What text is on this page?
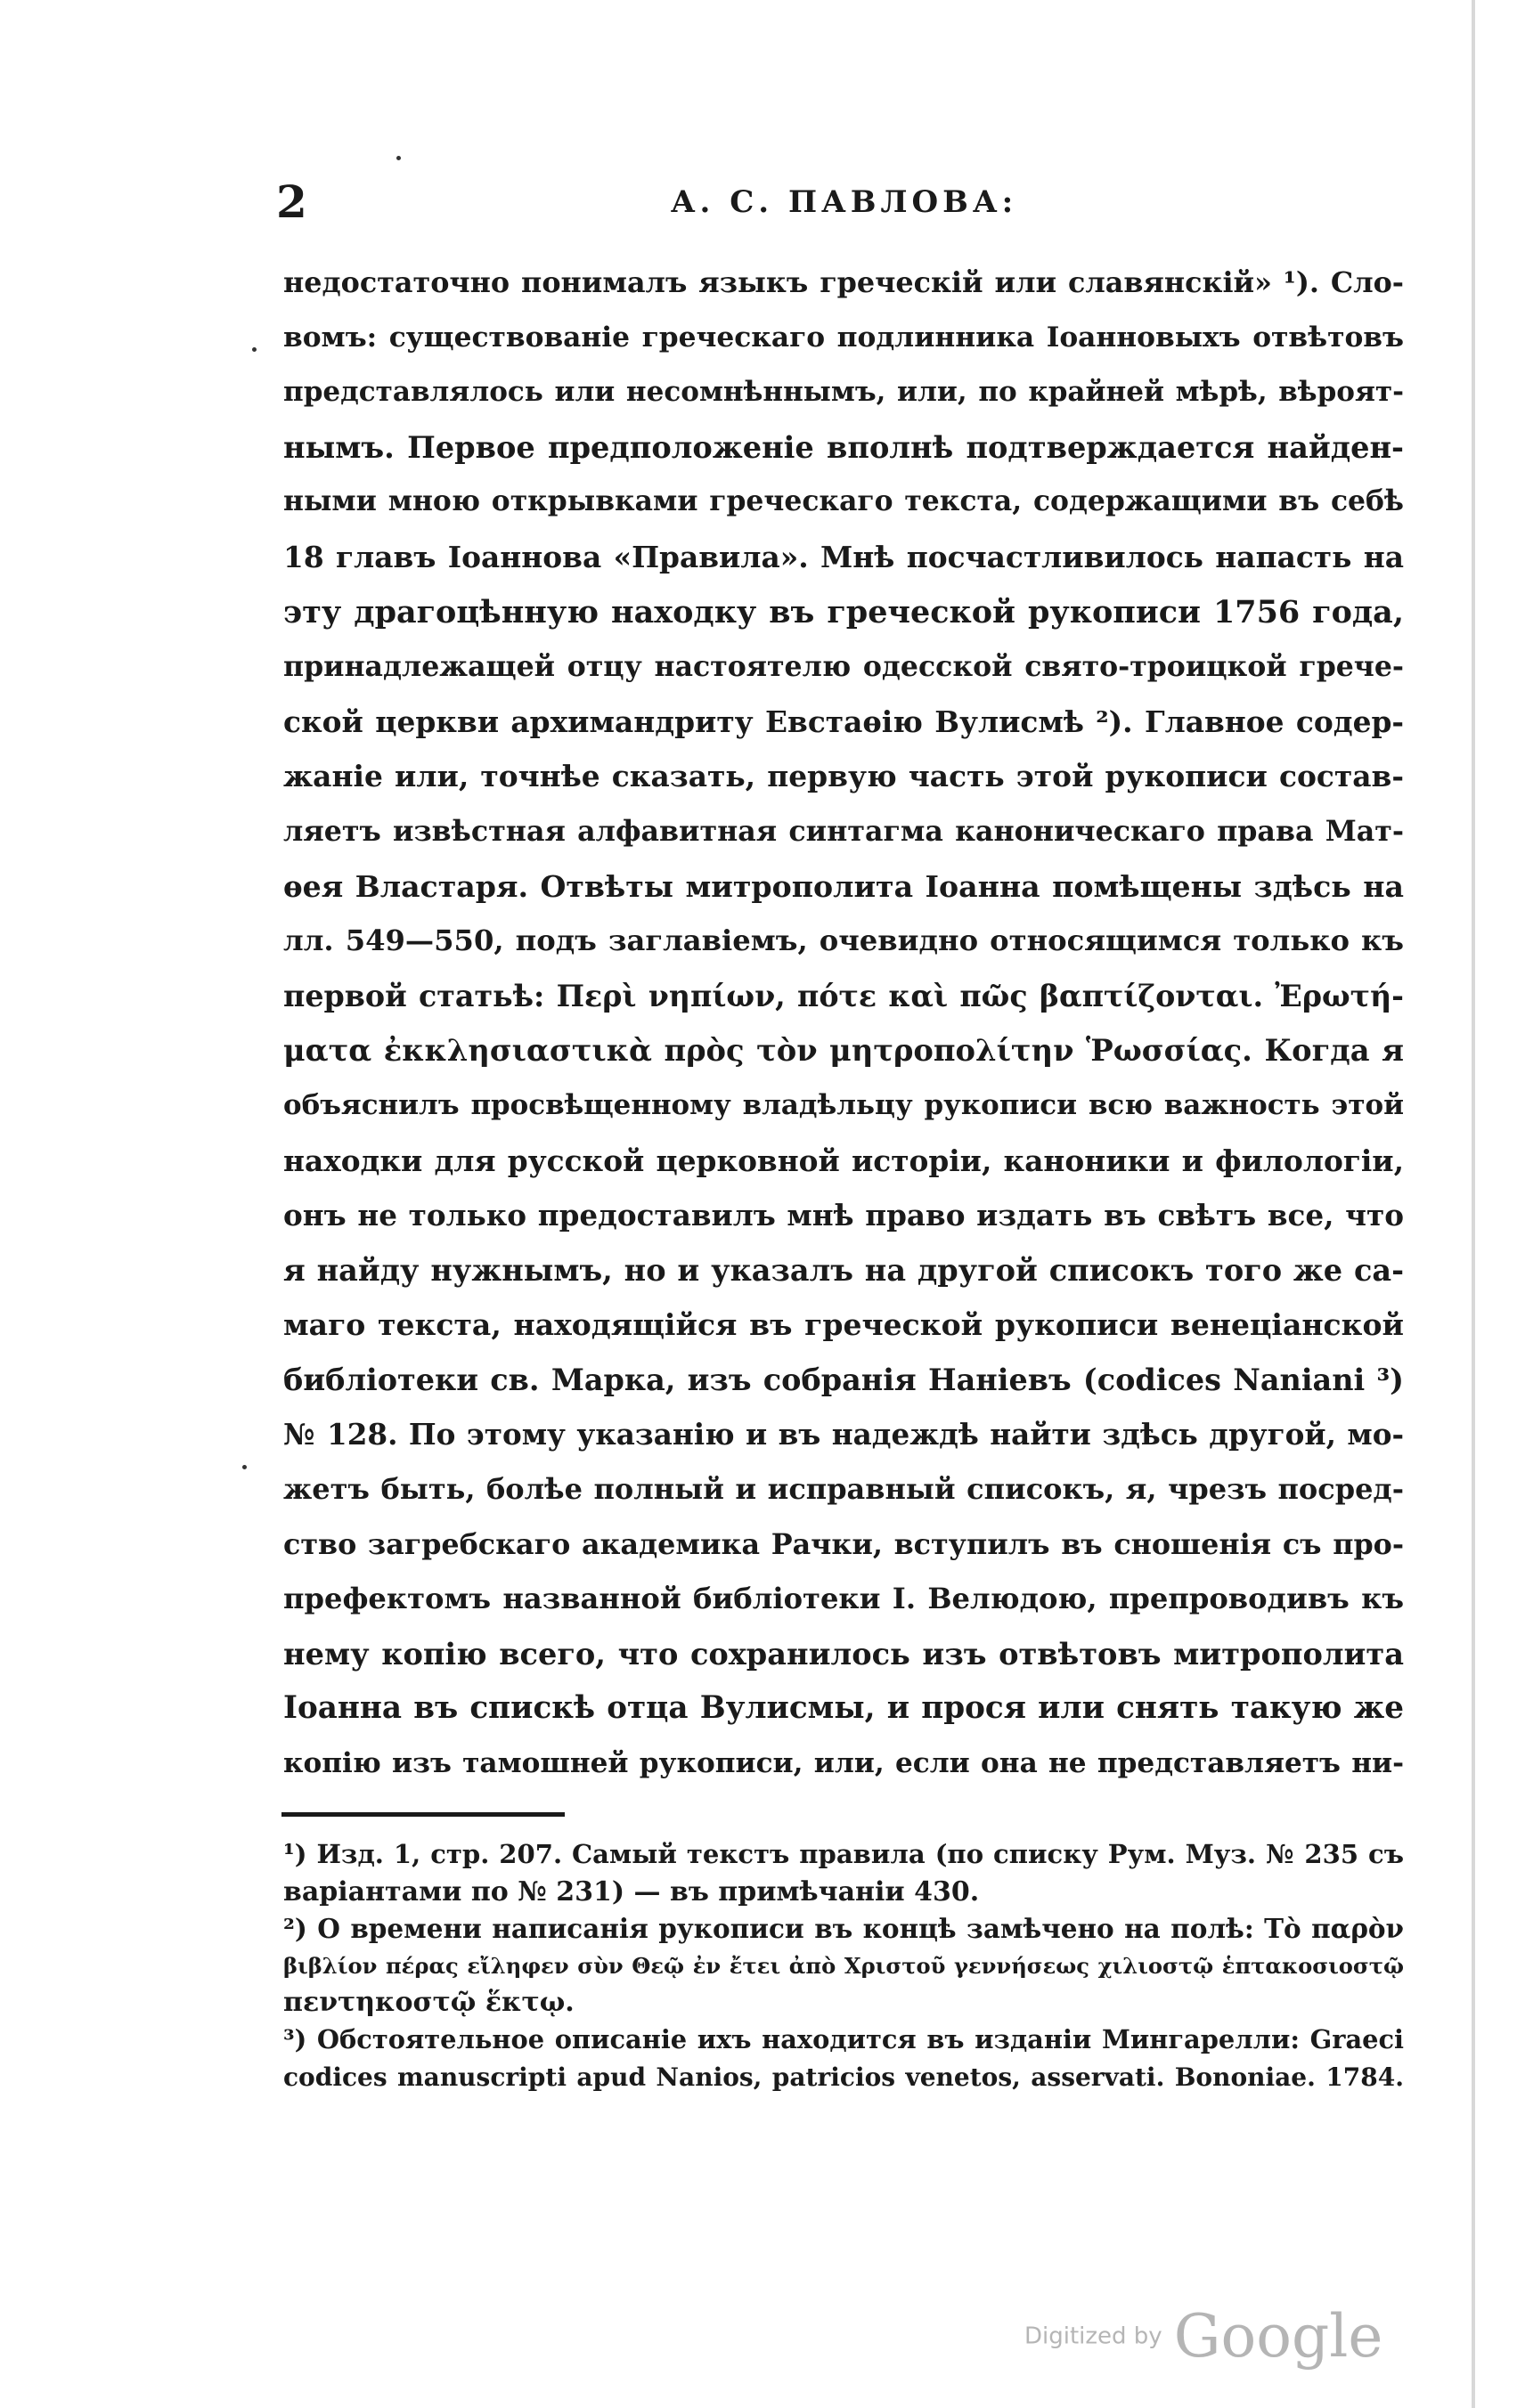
2	А. С. ПАВЛОВА:
недостаточно понималъ языкъ греческій или славянскій» ¹). Сло-
вомъ: существованіе греческаго подлинника Іоанновыхъ отвѣтовъ
представлялось или несомнѣннымъ, или, по крайней мѣрѣ, вѣроят-
нымъ. Первое предположеніе вполнѣ подтверждается найден-
ными мною открывками греческаго текста, содержащими въ себѣ
18 главъ Іоаннова «Правила». Мнѣ посчастливилось напасть на
эту драгоцѣнную находку въ греческой рукописи 1756 года,
принадлежащей отцу настоятелю одесской свято-троицкой грече-
ской церкви архимандриту Евстаѳію Вулисмѣ ²). Главное содер-
жаніе или, точнѣе сказать, первую часть этой рукописи состав-
ляетъ извѣстная алфавитная синтагма каноническаго права Мат-
ѳея Властаря. Отвѣты митрополита Іоанна помѣщены здѣсь на
лл. 549—550, подъ заглавіемъ, очевидно относящимся только къ
первой статьѣ: Περὶ νηπίων, πότε καὶ πῶς βαπτίζονται. Ἐρωτή-
ματα ἐκκλησιαστικὰ πρὸς τὸν μητροπολίτην Ῥωσσίας. Когда я
объяснилъ просвѣщенному владѣльцу рукописи всю важность этой
находки для русской церковной исторіи, каноники и филологіи,
онъ не только предоставилъ мнѣ право издать въ свѣтъ все, что
я найду нужнымъ, но и указалъ на другой списокъ того же са-
маго текста, находящійся въ греческой рукописи венеціанской
библіотеки св. Марка, изъ собранія Наніевъ (codices Naniani ³)
№ 128. По этому указанію и въ надеждѣ найти здѣсь другой, мо-
жетъ быть, болѣе полный и исправный списокъ, я, чрезъ посред-
ство загребскаго академика Рачки, вступилъ въ сношенія съ про-
префектомъ названной библіотеки І. Велюдою, препроводивъ къ
нему копію всего, что сохранилось изъ отвѣтовъ митрополита
Іоанна въ спискѣ отца Вулисмы, и прося или снять такую же
копію изъ тамошней рукописи, или, если она не представляетъ ни-
¹) Изд. 1, стр. 207. Самый текстъ правила (по списку Рум. Муз. № 235 съ
варіантами по № 231) — въ примѣчаніи 430.
²) О времени написанія рукописи въ концѣ замѣчено на полѣ: Τὸ παρὸν
βιβλίον πέρας εἴληφεν σὺν Θεῷ ἐν ἔτει ἀπὸ Χριστοῦ γεννήσεως χιλιοστῷ ἑπτακοσιοστῷ
πεντηκοστῷ ἕκτῳ.
³) Обстоятельное описаніе ихъ находится въ изданіи Мингарелли: Graeci
codices manuscripti apud Nanios, patricios venetos, asservati. Bononiae. 1784.
Digitized by Google
